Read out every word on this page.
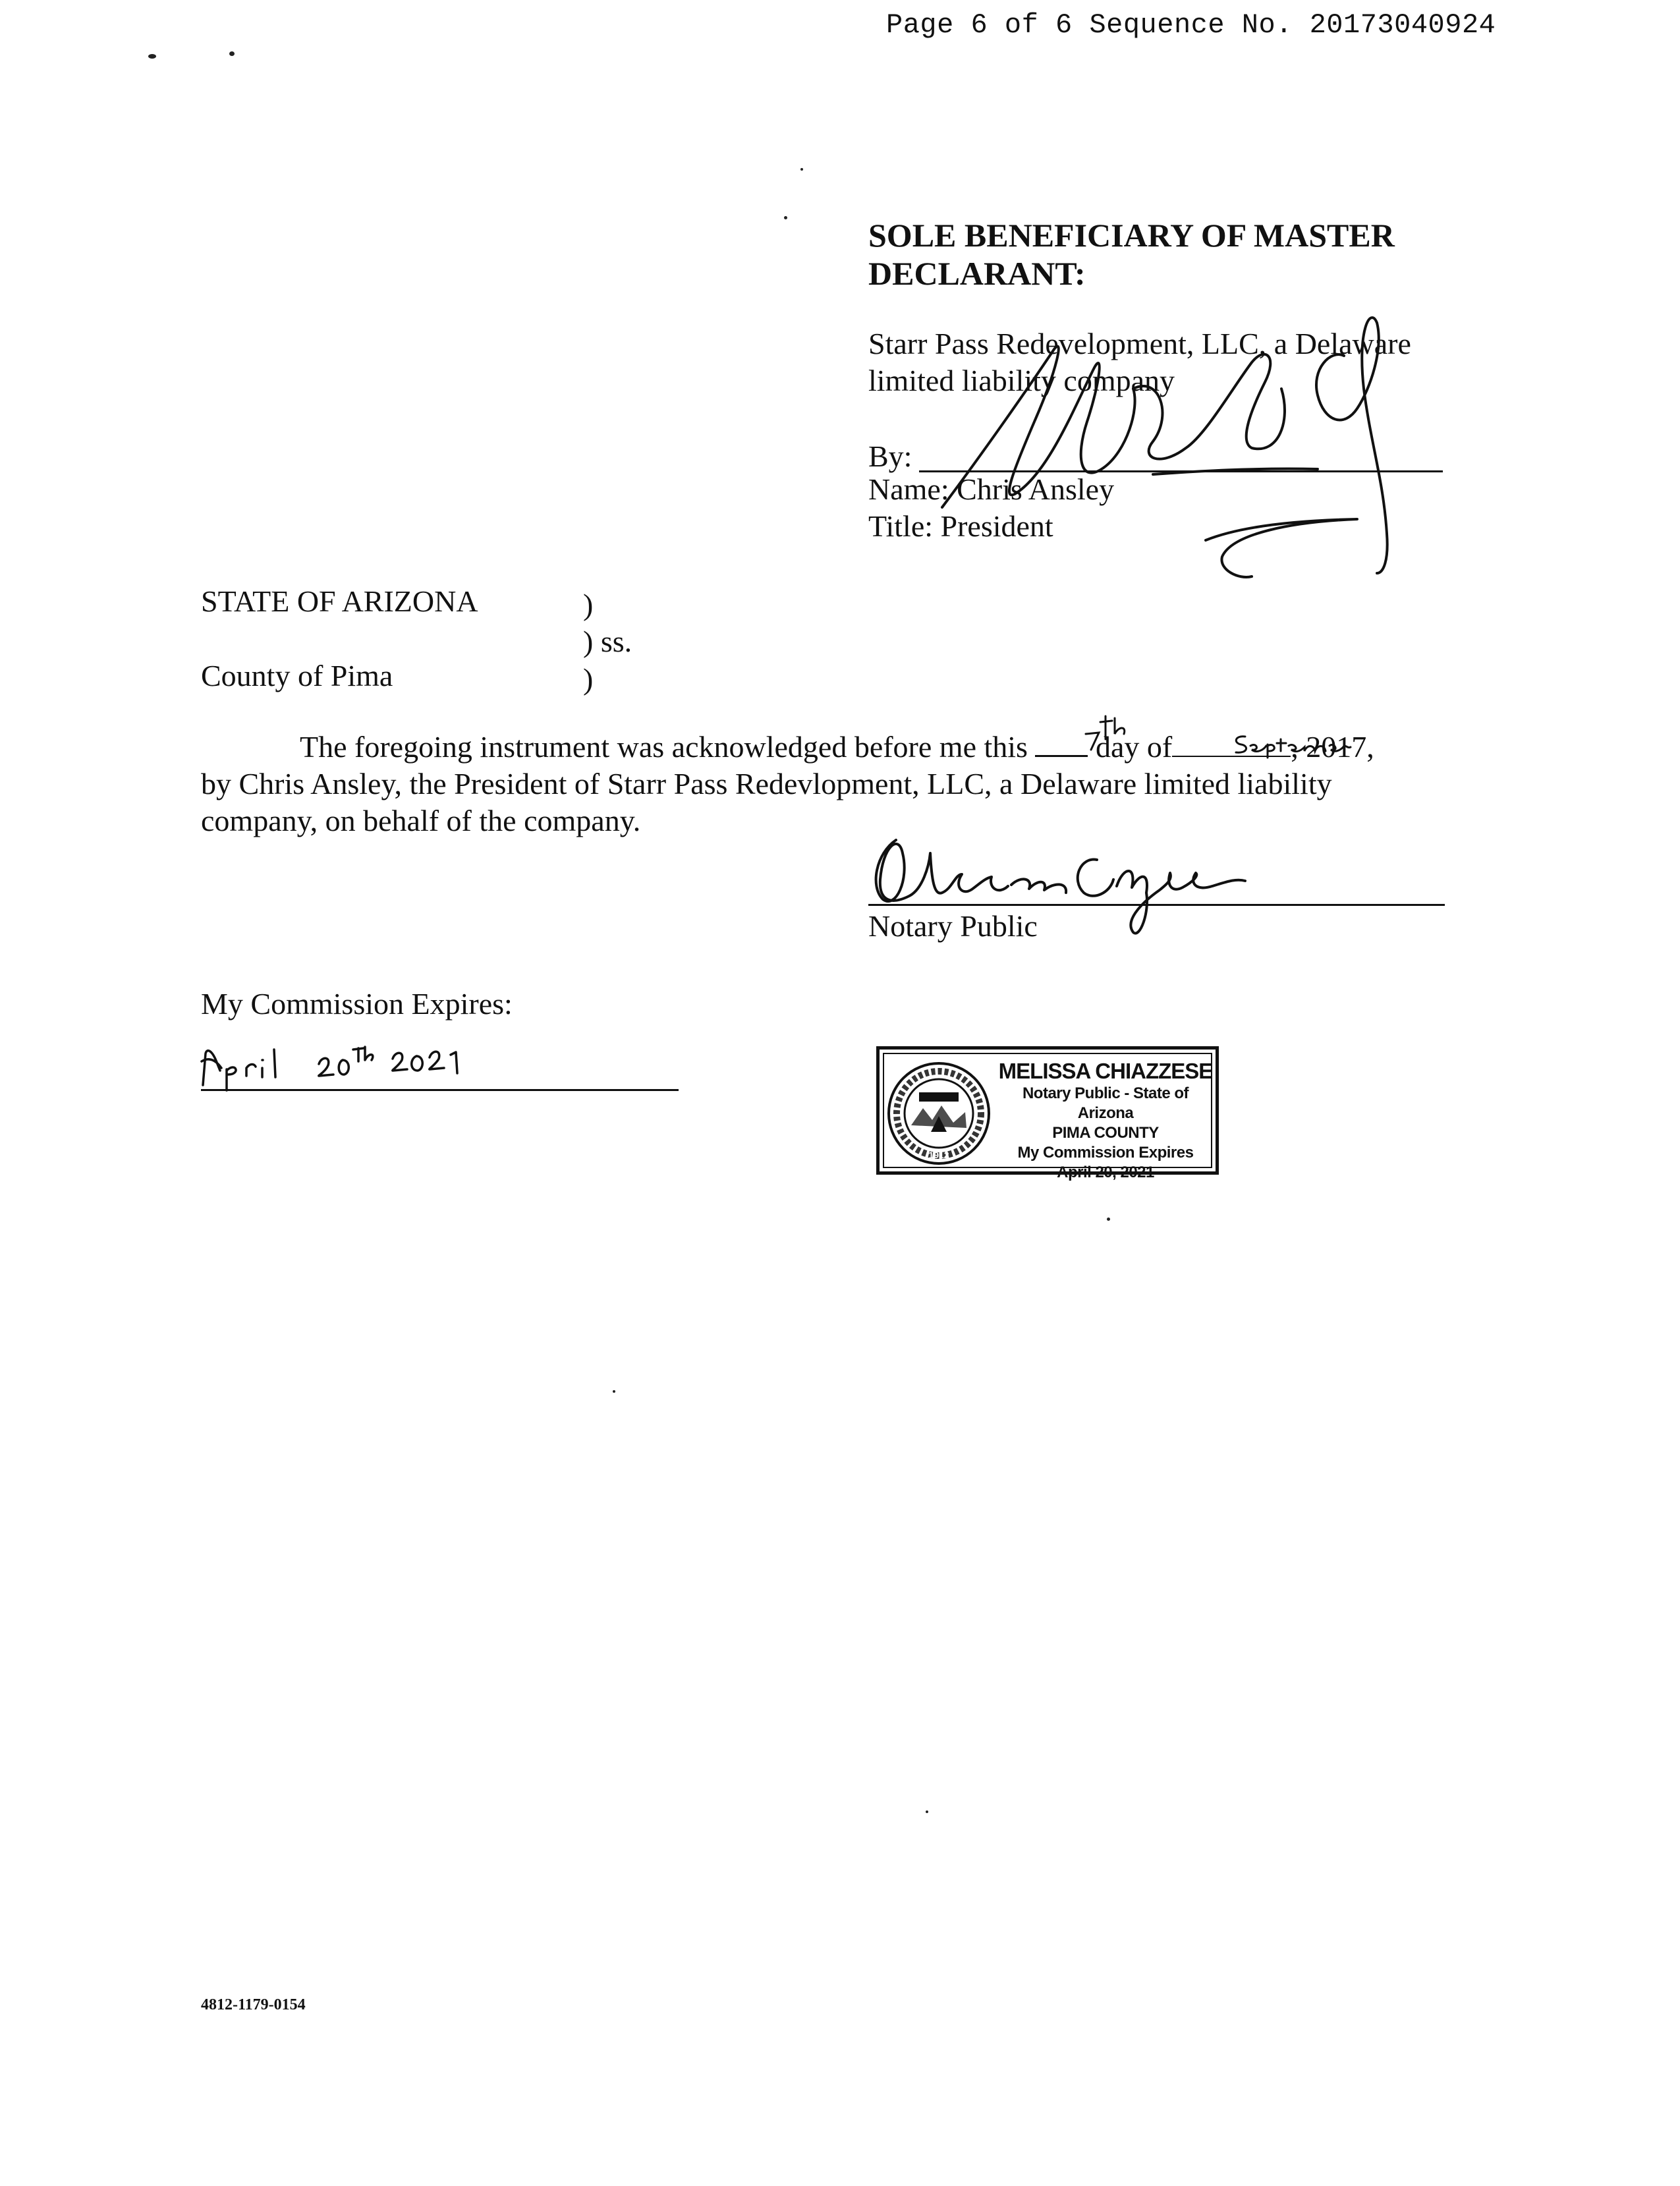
Page 6 of 6 Sequence No. 20173040924
SOLE BENEFICIARY OF MASTER
DECLARANT:
Starr Pass Redevelopment, LLC, a Delaware
limited liability company
By:
Name: Chris Ansley
Title: President
STATE OF ARIZONA	)
) ss.
County of Pima	)

The foregoing instrument was acknowledged before me this day of	, 2017,

by Chris Ansley, the President of Starr Pass Redevlopment, LLC, a Delaware limited liability

company, on behalf of the company.

Notary Public
My Commission Expires:
1912
MELISSA CHIAZZESE
Notary Public - State of Arizona
PIMA COUNTY
My Commission Expires
April 20, 2021
4812-1179-0154
